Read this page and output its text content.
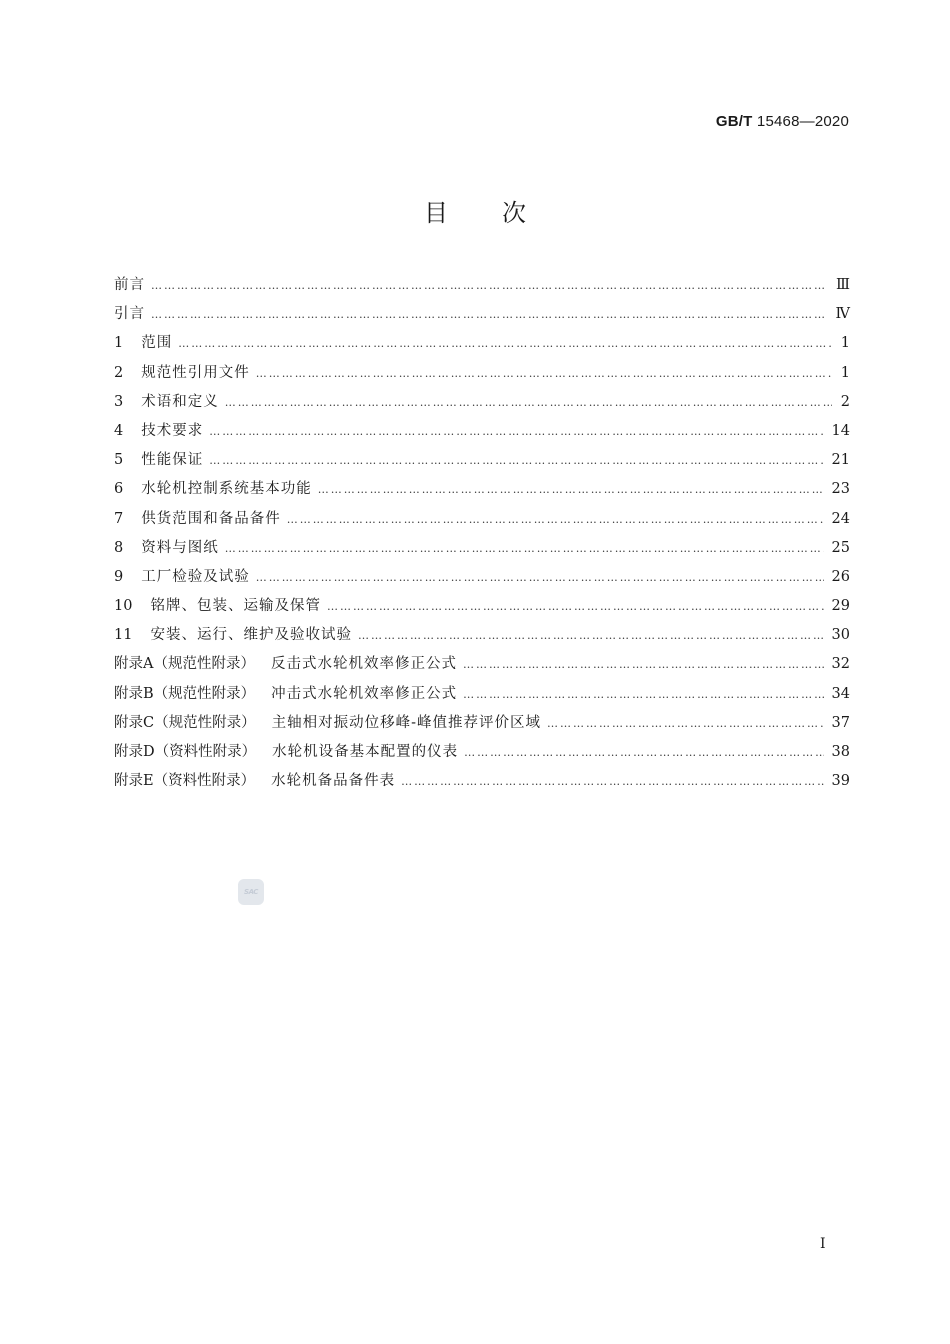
GB/T 15468—2020
目 次
前言 …………………………………………………………………………………………………………………………………………………………	Ⅲ
引言 …………………………………………………………………………………………………………………………………………………………	Ⅳ
1 范围 …………………………………………………………………………………………………………………………………………………………	1
2 规范性引用文件 …………………………………………………………………………………………………………………………………………………………	1
3 术语和定义 …………………………………………………………………………………………………………………………………………………………	2
4 技术要求 …………………………………………………………………………………………………………………………………………………………	14
5 性能保证 …………………………………………………………………………………………………………………………………………………………	21
6 水轮机控制系统基本功能 …………………………………………………………………………………………………………………………………………………………	23
7 供货范围和备品备件 …………………………………………………………………………………………………………………………………………………………	24
8 资料与图纸 …………………………………………………………………………………………………………………………………………………………	25
9 工厂检验及试验 …………………………………………………………………………………………………………………………………………………………	26
10 铭牌、包装、运输及保管 …………………………………………………………………………………………………………………………………………………………	29
11 安装、运行、维护及验收试验 …………………………………………………………………………………………………………………………………………………………	30
附录A（规范性附录） 反击式水轮机效率修正公式 …………………………………………………………………………………………………………………………………………………………	32
附录B（规范性附录） 冲击式水轮机效率修正公式 …………………………………………………………………………………………………………………………………………………………	34
附录C（规范性附录） 主轴相对振动位移峰-峰值推荐评价区域 …………………………………………………………………………………………………………………………………………………………	37
附录D（资料性附录） 水轮机设备基本配置的仪表 …………………………………………………………………………………………………………………………………………………………	38
附录E（资料性附录） 水轮机备品备件表 …………………………………………………………………………………………………………………………………………………………	39
SAC
I
